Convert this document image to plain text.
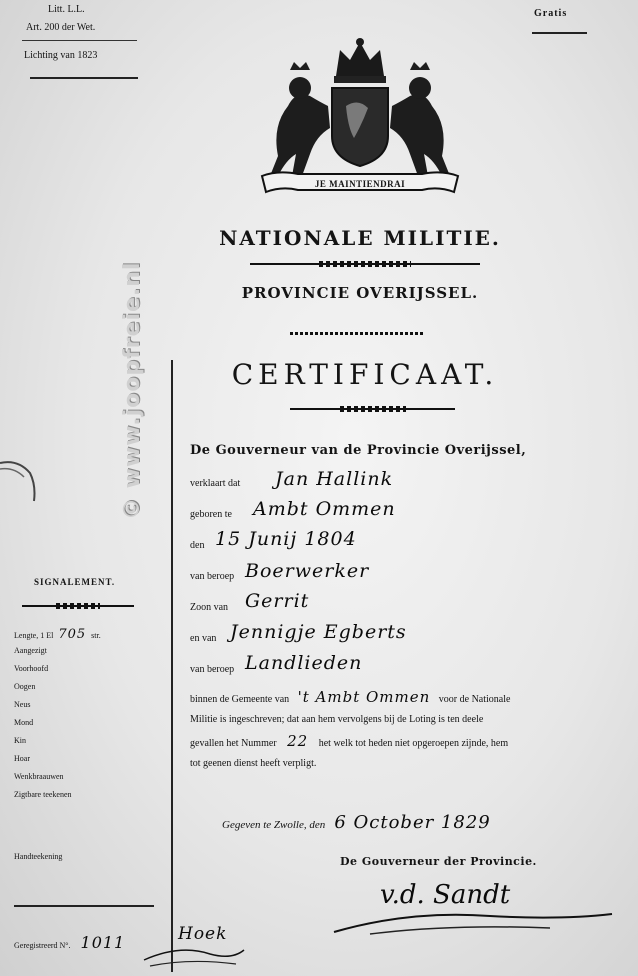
Litt. L.L.
Art. 200 der Wet.
Lichting van 1823
Gratis
JE MAINTIENDRAI
NATIONALE MILITIE.
PROVINCIE OVERIJSSEL.
CERTIFICAAT.
© www.joopfreie.nl	De Gouverneur van de Provincie Overijssel,
verklaart dat Jan Hallink
geboren te Ambt Ommen
den 15 Junij 1804
van beroep Boerwerker
Zoon van Gerrit
en van Jennigje Egberts
van beroep Landlieden
binnen de Gemeente van 't Ambt Ommen voor de Nationale
Militie is ingeschreven; dat aan hem vervolgens bij de Loting is ten deele
gevallen het Nummer 22 het welk tot heden niet opgeroepen zijnde, hem
tot geenen dienst heeft verpligt.
Gegeven te Zwolle, den 6 October 1829
De Gouverneur der Provincie.
v.d. Sandt
SIGNALEMENT.
Lengte, 1 El 705 str.
Aangezigt
Voorhoofd
Oogen
Neus
Mond
Kin
Hoar
Wenkbraauwen
Zigtbare teekenen
Handteekening
Geregistreerd N°. 1011	Hoek
